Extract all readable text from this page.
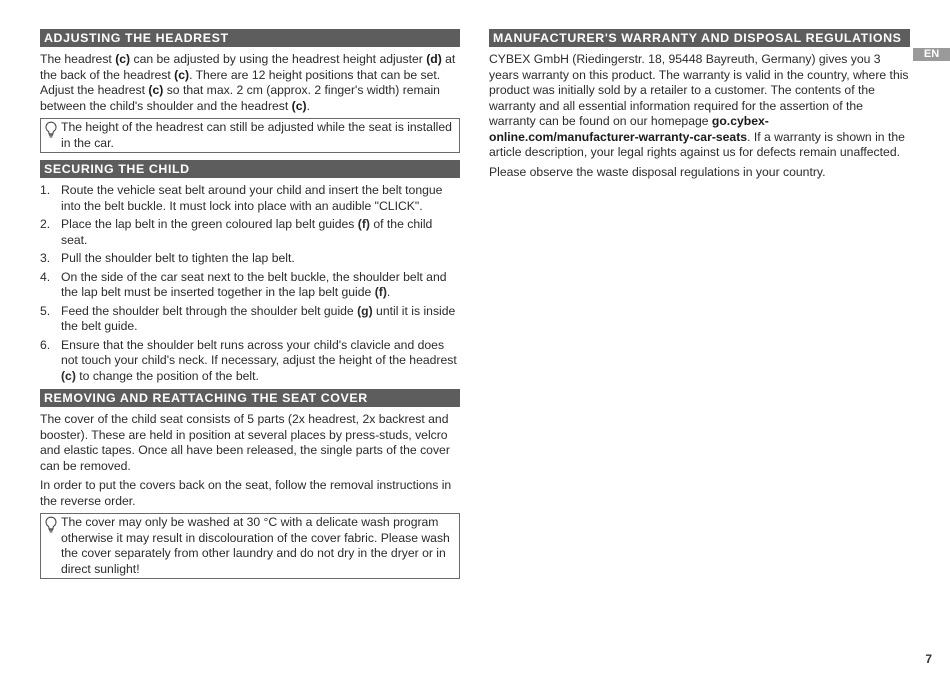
ADJUSTING THE HEADREST

The headrest (c) can be adjusted by using the headrest height adjuster (d) at the back of the headrest (c). There are 12 height positions that can be set. Adjust the headrest (c) so that max. 2 cm (approx. 2 finger's width) remain between the child's shoulder and the headrest (c).

The height of the headrest can still be adjusted while the seat is installed in the car.
SECURING THE CHILD
1. Route the vehicle seat belt around your child and insert the belt tongue into the belt buckle. It must lock into place with an audible "CLICK".
2. Place the lap belt in the green coloured lap belt guides (f) of the child seat.
3. Pull the shoulder belt to tighten the lap belt.
4. On the side of the car seat next to the belt buckle, the shoulder belt and the lap belt must be inserted together in the lap belt guide (f).
5. Feed the shoulder belt through the shoulder belt guide (g) until it is inside the belt guide.
6. Ensure that the shoulder belt runs across your child's clavicle and does not touch your child's neck. If necessary, adjust the height of the headrest (c) to change the position of the belt.
REMOVING AND REATTACHING THE SEAT COVER

The cover of the child seat consists of 5 parts (2x headrest, 2x backrest and booster). These are held in position at several places by press-studs, velcro and elastic tapes. Once all have been released, the single parts of the cover can be removed.

In order to put the covers back on the seat, follow the removal instructions in the reverse order.

The cover may only be washed at 30 °C with a delicate wash program otherwise it may result in discolouration of the cover fabric. Please wash the cover separately from other laundry and do not dry in the dryer or in direct sunlight!
MANUFACTURER'S WARRANTY AND DISPOSAL REGULATIONS

CYBEX GmbH (Riedingerstr. 18, 95448 Bayreuth, Germany) gives you 3 years warranty on this product. The warranty is valid in the country, where this product was initially sold by a retailer to a customer. The contents of the warranty and all essential information required for the assertion of the warranty can be found on our homepage go.cybex-online.com/manufacturer-warranty-car-seats. If a warranty is shown in the article description, your legal rights against us for defects remain unaffected.

Please observe the waste disposal regulations in your country.

EN
7
